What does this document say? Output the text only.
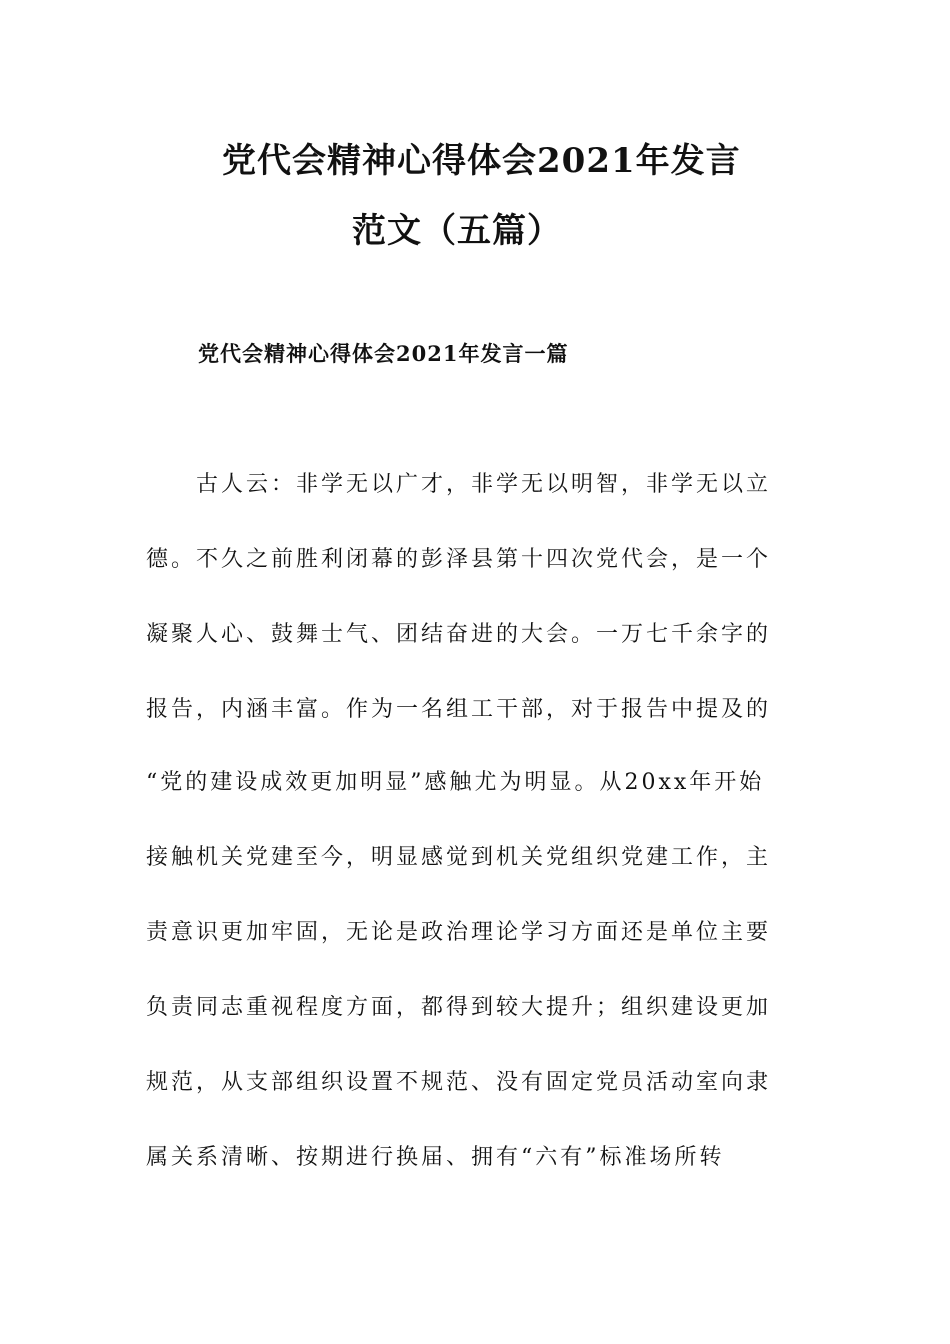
党代会精神心得体会2021年发言
范文（五篇）
党代会精神心得体会2021年发言一篇
古人云：非学无以广才，非学无以明智，非学无以立
德。不久之前胜利闭幕的彭泽县第十四次党代会，是一个
凝聚人心、鼓舞士气、团结奋进的大会。一万七千余字的
报告，内涵丰富。作为一名组工干部，对于报告中提及的
“党的建设成效更加明显”感触尤为明显。从20xx年开始
接触机关党建至今，明显感觉到机关党组织党建工作，主
责意识更加牢固，无论是政治理论学习方面还是单位主要
负责同志重视程度方面，都得到较大提升；组织建设更加
规范，从支部组织设置不规范、没有固定党员活动室向隶
属关系清晰、按期进行换届、拥有“六有”标准场所转
